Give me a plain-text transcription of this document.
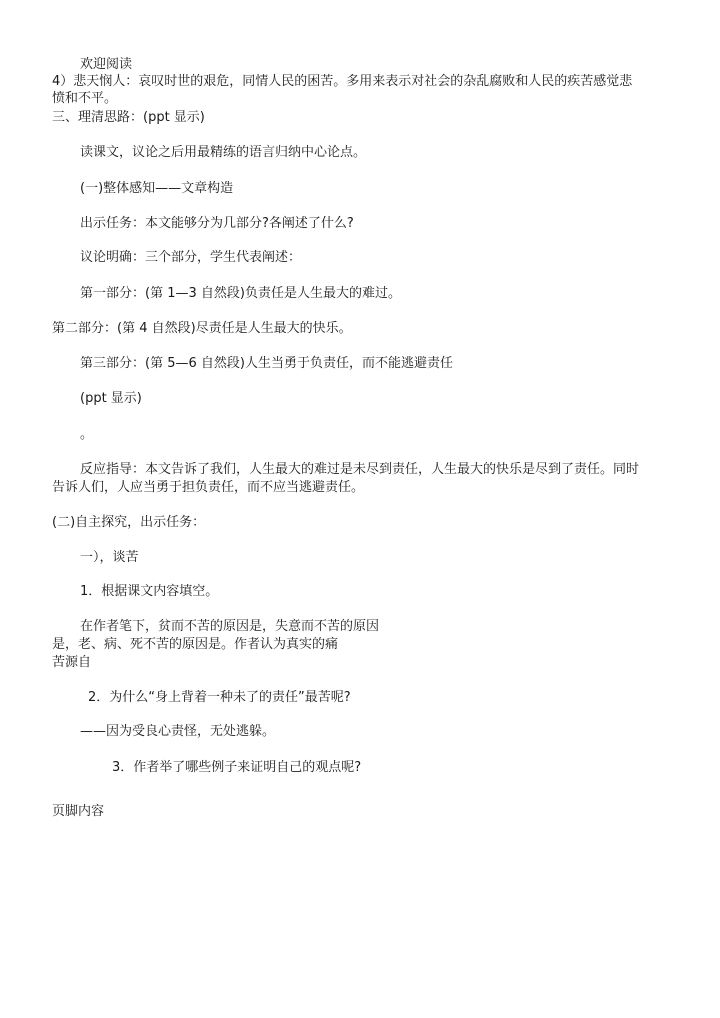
欢迎阅读

4）悲天悯人：哀叹时世的艰危，同情人民的困苦。多用来表示对社会的杂乱腐败和人民的疾苦感觉悲

愤和不平。

三、理清思路：(ppt 显示)

读课文，议论之后用最精练的语言归纳中心论点。

(一)整体感知——文章构造

出示任务：本文能够分为几部分?各阐述了什么?

议论明确：三个部分，学生代表阐述：

第一部分：(第 1—3 自然段)负责任是人生最大的难过。

第二部分：(第 4 自然段)尽责任是人生最大的快乐。

第三部分：(第 5—6 自然段)人生当勇于负责任，而不能逃避责任

(ppt 显示)

。

反应指导：本文告诉了我们，人生最大的难过是未尽到责任，人生最大的快乐是尽到了责任。同时

告诉人们，人应当勇于担负责任，而不应当逃避责任。

(二)自主探究，出示任务：

一），谈苦

1．根据课文内容填空。

在作者笔下，贫而不苦的原因是，失意而不苦的原因

是，老、病、死不苦的原因是。作者认为真实的痛

苦源自

2．为什么“身上背着一种未了的责任”最苦呢?

——因为受良心责怪，无处逃躲。

3．作者举了哪些例子来证明自己的观点呢?

页脚内容
